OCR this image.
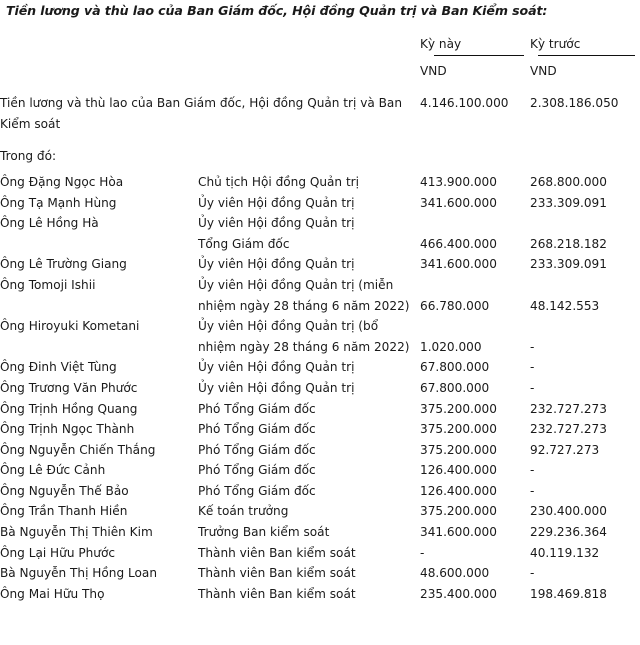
Tiền lương và thù lao của Ban Giám đốc, Hội đồng Quản trị và Ban Kiểm soát:
		Kỳ này	Kỳ trước

		VND	VND

Tiền lương và thù lao của Ban Giám đốc, Hội đồng Quản trị và Ban Kiểm soát		4.146.100.000	2.308.186.050

Trong đó:			

Ông Đặng Ngọc Hòa	Chủ tịch Hội đồng Quản trị	413.900.000	268.800.000
Ông Tạ Mạnh Hùng	Ủy viên Hội đồng Quản trị	341.600.000	233.309.091
Ông Lê Hồng Hà	Ủy viên Hội đồng Quản trị		
	Tổng Giám đốc	466.400.000	268.218.182
Ông Lê Trường Giang	Ủy viên Hội đồng Quản trị	341.600.000	233.309.091
Ông Tomoji Ishii	Ủy viên Hội đồng Quản trị (miễn		
	nhiệm ngày 28 tháng 6 năm 2022)	66.780.000	48.142.553
Ông Hiroyuki Kometani	Ủy viên Hội đồng Quản trị (bổ		
	nhiệm ngày 28 tháng 6 năm 2022)	1.020.000	-
Ông Đinh Việt Tùng	Ủy viên Hội đồng Quản trị	67.800.000	-
Ông Trương Văn Phước	Ủy viên Hội đồng Quản trị	67.800.000	-
Ông Trịnh Hồng Quang	Phó Tổng Giám đốc	375.200.000	232.727.273
Ông Trịnh Ngọc Thành	Phó Tổng Giám đốc	375.200.000	232.727.273
Ông Nguyễn Chiến Thắng	Phó Tổng Giám đốc	375.200.000	92.727.273
Ông Lê Đức Cảnh	Phó Tổng Giám đốc	126.400.000	-
Ông Nguyễn Thế Bảo	Phó Tổng Giám đốc	126.400.000	-
Ông Trần Thanh Hiền	Kế toán trưởng	375.200.000	230.400.000
Bà Nguyễn Thị Thiên Kim	Trưởng Ban kiểm soát	341.600.000	229.236.364
Ông Lại Hữu Phước	Thành viên Ban kiểm soát	-	40.119.132
Bà Nguyễn Thị Hồng Loan	Thành viên Ban kiểm soát	48.600.000	-
Ông Mai Hữu Thọ	Thành viên Ban kiểm soát	235.400.000	198.469.818
